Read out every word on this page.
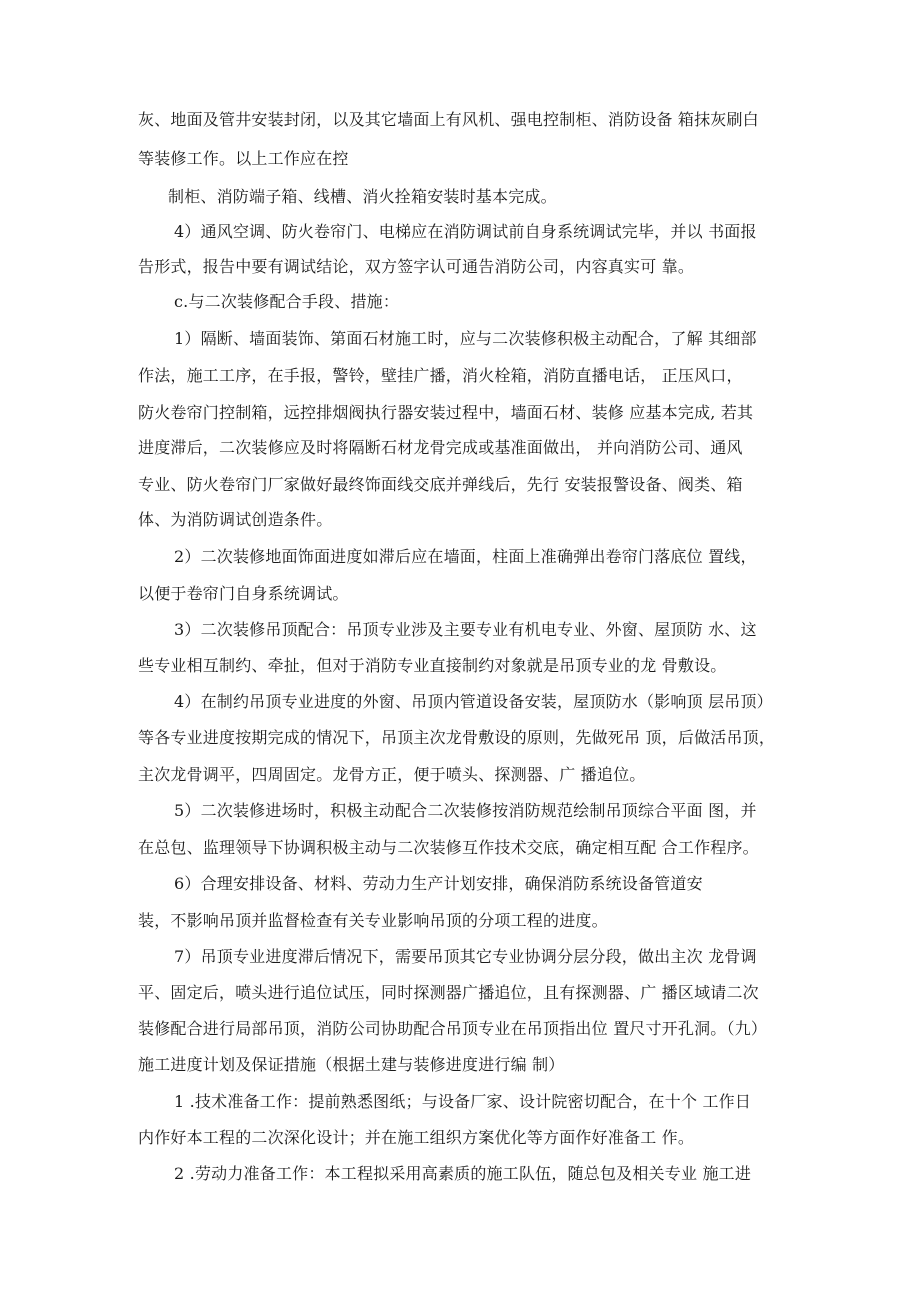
灰、地面及管井安装封闭，以及其它墙面上有风机、强电控制柜、消防设备 箱抹灰刷白
等装修工作。以上工作应在控
制柜、消防端子箱、线槽、消火拴箱安装时基本完成。
4）通风空调、防火卷帘门、电梯应在消防调试前自身系统调试完毕，并以 书面报
告形式，报告中要有调试结论，双方签字认可通告消防公司，内容真实可 靠。
c.与二次装修配合手段、措施：
1）隔断、墙面装饰、第面石材施工时，应与二次装修积极主动配合，了解 其细部
作法，施工工序，在手报，警铃，壁挂广播，消火栓箱，消防直播电话， 正压风口，
防火卷帘门控制箱，远控排烟阀执行器安装过程中，墙面石材、装修 应基本完成, 若其
进度滞后，二次装修应及时将隔断石材龙骨完成或基准面做出， 并向消防公司、通风
专业、防火卷帘门厂家做好最终饰面线交底并弹线后，先行 安装报警设备、阀类、箱
体、为消防调试创造条件。
2）二次装修地面饰面进度如滞后应在墙面，柱面上准确弹出卷帘门落底位 置线，
以便于卷帘门自身系统调试。
3）二次装修吊顶配合：吊顶专业涉及主要专业有机电专业、外窗、屋顶防 水、这
些专业相互制约、牵扯，但对于消防专业直接制约对象就是吊顶专业的龙 骨敷设。
4）在制约吊顶专业进度的外窗、吊顶内管道设备安装，屋顶防水（影响顶 层吊顶）
等各专业进度按期完成的情况下，吊顶主次龙骨敷设的原则，先做死吊 顶，后做活吊顶，
主次龙骨调平，四周固定。龙骨方正，便于喷头、探测器、广 播追位。
5）二次装修进场时，积极主动配合二次装修按消防规范绘制吊顶综合平面 图，并
在总包、监理领导下协调积极主动与二次装修互作技术交底，确定相互配 合工作程序。
6）合理安排设备、材料、劳动力生产计划安排，确保消防系统设备管道安
装，不影响吊顶并监督检查有关专业影响吊顶的分项工程的进度。
7）吊顶专业进度滞后情况下，需要吊顶其它专业协调分层分段，做出主次 龙骨调
平、固定后，喷头进行追位试压，同时探测器广播追位，且有探测器、广 播区域请二次
装修配合进行局部吊顶，消防公司协助配合吊顶专业在吊顶指出位 置尺寸开孔洞。（九）
施工进度计划及保证措施（根据土建与装修进度进行编 制）
1 .技术准备工作：提前熟悉图纸；与设备厂家、设计院密切配合，在十个 工作日
内作好本工程的二次深化设计；并在施工组织方案优化等方面作好准备工 作。
2 .劳动力准备工作：本工程拟采用高素质的施工队伍，随总包及相关专业 施工进
